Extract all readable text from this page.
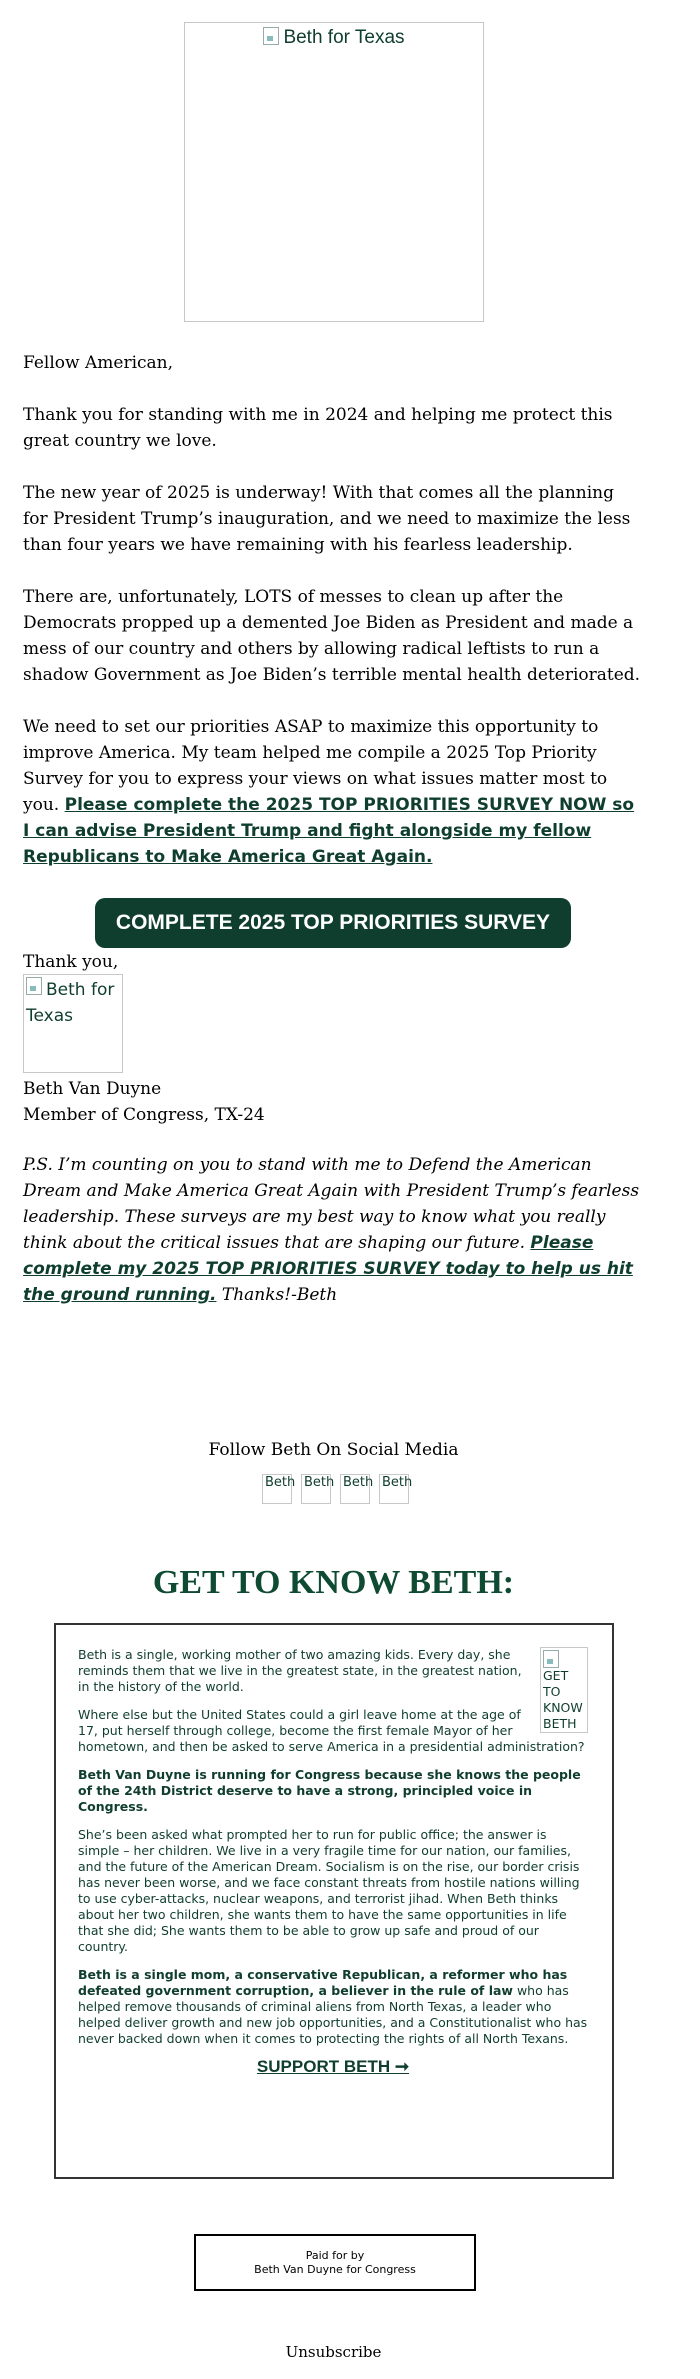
Beth for Texas

Fellow American,

Thank you for standing with me in 2024 and helping me protect this great country we love.

The new year of 2025 is underway! With that comes all the planning for President Trump’s inauguration, and we need to maximize the less than four years we have remaining with his fearless leadership.

There are, unfortunately, LOTS of messes to clean up after the Democrats propped up a demented Joe Biden as President and made a mess of our country and others by allowing radical leftists to run a shadow Government as Joe Biden’s terrible mental health deteriorated.

We need to set our priorities ASAP to maximize this opportunity to improve America. My team helped me compile a 2025 Top Priority Survey for you to express your views on what issues matter most to you. Please complete the 2025 TOP PRIORITIES SURVEY NOW so I can advise President Trump and fight alongside my fellow Republicans to Make America Great Again.

COMPLETE 2025 TOP PRIORITIES SURVEY
Thank you,
Beth for Texas
Beth Van Duyne
Member of Congress, TX-24
P.S. I’m counting on you to stand with me to Defend the American Dream and Make America Great Again with President Trump’s fearless leadership. These surveys are my best way to know what you really think about the critical issues that are shaping our future. Please complete my 2025 TOP PRIORITIES SURVEY today to help us hit the ground running. Thanks!-Beth
Follow Beth On Social Media
Beth Beth Beth Beth
GET TO KNOW BETH:
GET TO KNOW BETH

Beth is a single, working mother of two amazing kids. Every day, she reminds them that we live in the greatest state, in the greatest nation, in the history of the world.

Where else but the United States could a girl leave home at the age of 17, put herself through college, become the first female Mayor of her hometown, and then be asked to serve America in a presidential administration?

Beth Van Duyne is running for Congress because she knows the people of the 24th District deserve to have a strong, principled voice in Congress.

She’s been asked what prompted her to run for public office; the answer is simple – her children. We live in a very fragile time for our nation, our families, and the future of the American Dream. Socialism is on the rise, our border crisis has never been worse, and we face constant threats from hostile nations willing to use cyber-attacks, nuclear weapons, and terrorist jihad. When Beth thinks about her two children, she wants them to have the same opportunities in life that she did; She wants them to be able to grow up safe and proud of our country.

Beth is a single mom, a conservative Republican, a reformer who has defeated government corruption, a believer in the rule of law who has helped remove thousands of criminal aliens from North Texas, a leader who helped deliver growth and new job opportunities, and a Constitutionalist who has never backed down when it comes to protecting the rights of all North Texans.

SUPPORT BETH ➞
Paid for by
Beth Van Duyne for Congress
Unsubscribe
